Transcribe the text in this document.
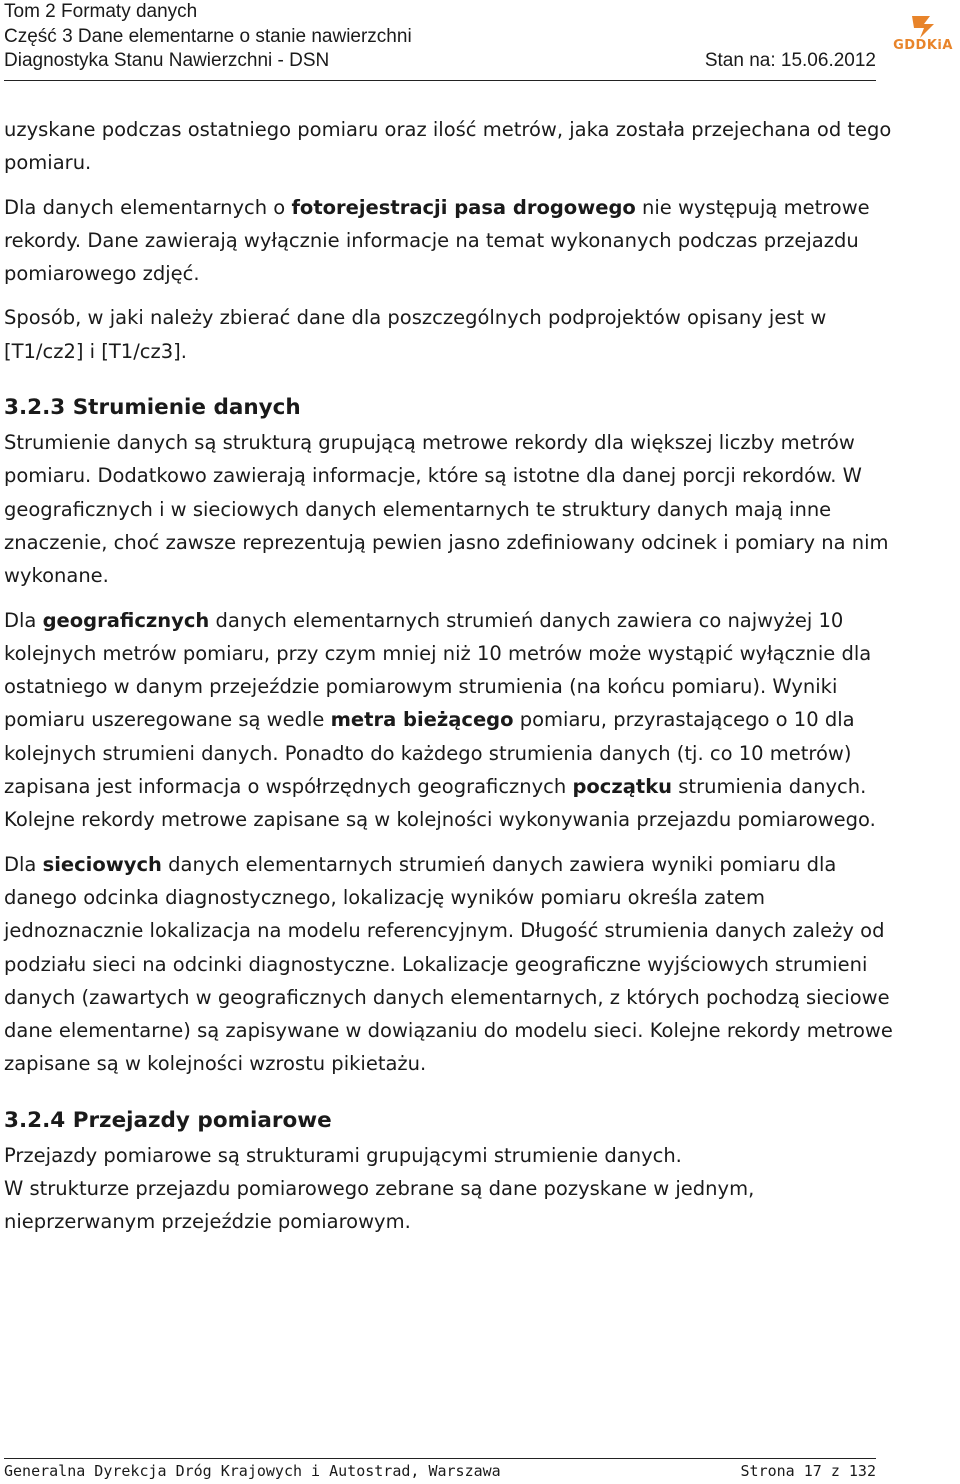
Tom 2 Formaty danych
Część 3 Dane elementarne o stanie nawierzchni
Diagnostyka Stanu Nawierzchni - DSN	Stan na: 15.06.2012
GDDKiA

uzyskane podczas ostatniego pomiaru oraz ilość metrów, jaka została przejechana od tego pomiaru.

Dla danych elementarnych o fotorejestracji pasa drogowego nie występują metrowe rekordy. Dane zawierają wyłącznie informacje na temat wykonanych podczas przejazdu pomiarowego zdjęć.

Sposób, w jaki należy zbierać dane dla poszczególnych podprojektów opisany jest w [T1/cz2] i [T1/cz3].

3.2.3 Strumienie danych

Strumienie danych są strukturą grupującą metrowe rekordy dla większej liczby metrów pomiaru. Dodatkowo zawierają informacje, które są istotne dla danej porcji rekordów. W geograficznych i w sieciowych danych elementarnych te struktury danych mają inne znaczenie, choć zawsze reprezentują pewien jasno zdefiniowany odcinek i pomiary na nim wykonane.

Dla geograficznych danych elementarnych strumień danych zawiera co najwyżej 10 kolejnych metrów pomiaru, przy czym mniej niż 10 metrów może wystąpić wyłącznie dla ostatniego w danym przejeździe pomiarowym strumienia (na końcu pomiaru). Wyniki pomiaru uszeregowane są wedle metra bieżącego pomiaru, przyrastającego o 10 dla kolejnych strumieni danych. Ponadto do każdego strumienia danych (tj. co 10 metrów) zapisana jest informacja o współrzędnych geograficznych początku strumienia danych. Kolejne rekordy metrowe zapisane są w kolejności wykonywania przejazdu pomiarowego.

Dla sieciowych danych elementarnych strumień danych zawiera wyniki pomiaru dla danego odcinka diagnostycznego, lokalizację wyników pomiaru określa zatem jednoznacznie lokalizacja na modelu referencyjnym. Długość strumienia danych zależy od podziału sieci na odcinki diagnostyczne. Lokalizacje geograficzne wyjściowych strumieni danych (zawartych w geograficznych danych elementarnych, z których pochodzą sieciowe dane elementarne) są zapisywane w dowiązaniu do modelu sieci. Kolejne rekordy metrowe zapisane są w kolejności wzrostu pikietażu.

3.2.4 Przejazdy pomiarowe

Przejazdy pomiarowe są strukturami grupującymi strumienie danych.

W strukturze przejazdu pomiarowego zebrane są dane pozyskane w jednym, nieprzerwanym przejeździe pomiarowym.

Generalna Dyrekcja Dróg Krajowych i Autostrad, Warszawa	Strona 17 z 132
